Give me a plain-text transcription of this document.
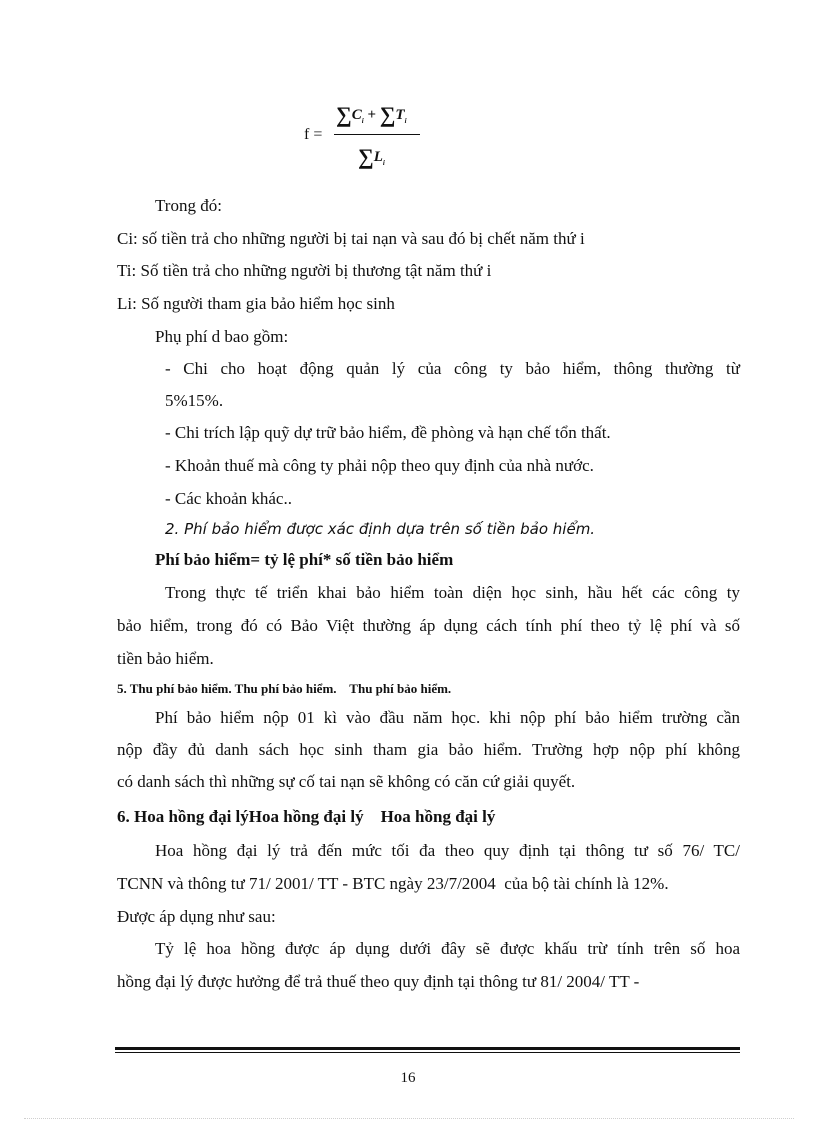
f =
$\sum C_i + \sum T_i$
$\sum L_i$
Trong đó:
Ci: số tiền trả cho những người bị tai nạn và sau đó bị chết năm thứ i
Ti: Số tiền trả cho những người bị thương tật năm thứ i
Li: Số người tham gia bảo hiểm học sinh
Phụ phí d bao gồm:
- Chi cho hoạt động quản lý của công ty bảo hiểm, thông thường từ
5%15%.
- Chi trích lập quỹ dự trữ bảo hiểm, đề phòng và hạn chế tổn thất.
- Khoản thuế mà công ty phải nộp theo quy định của nhà nước.
- Các khoản khác..
2. Phí bảo hiểm được xác định dựa trên số tiền bảo hiểm.
Phí bảo hiểm= tỷ lệ phí* số tiền bảo hiểm
Trong thực tế triển khai bảo hiểm toàn diện học sinh, hầu hết các công ty
bảo hiểm, trong đó có Bảo Việt thường áp dụng cách tính phí theo tỷ lệ phí và số
tiền bảo hiểm.
5. Thu phí bảo hiểm. Thu phí bảo hiểm.    Thu phí bảo hiểm.
Phí bảo hiểm nộp 01 kì vào đầu năm học. khi nộp phí bảo hiểm trường cần
nộp đầy đủ danh sách học sinh tham gia bảo hiểm. Trường hợp nộp phí không
có danh sách thì những sự cố tai nạn sẽ không có căn cứ giải quyết.
6. Hoa hồng đại lýHoa hồng đại lý    Hoa hồng đại lý
Hoa hồng đại lý trả đến mức tối đa theo quy định tại thông tư số 76/ TC/
TCNN và thông tư 71/ 2001/ TT - BTC ngày 23/7/2004  của bộ tài chính là 12%.
Được áp dụng như sau:
Tỷ lệ hoa hồng được áp dụng dưới đây sẽ được khấu trừ tính trên số hoa
hồng đại lý được hưởng để trả thuế theo quy định tại thông tư 81/ 2004/ TT -
16
